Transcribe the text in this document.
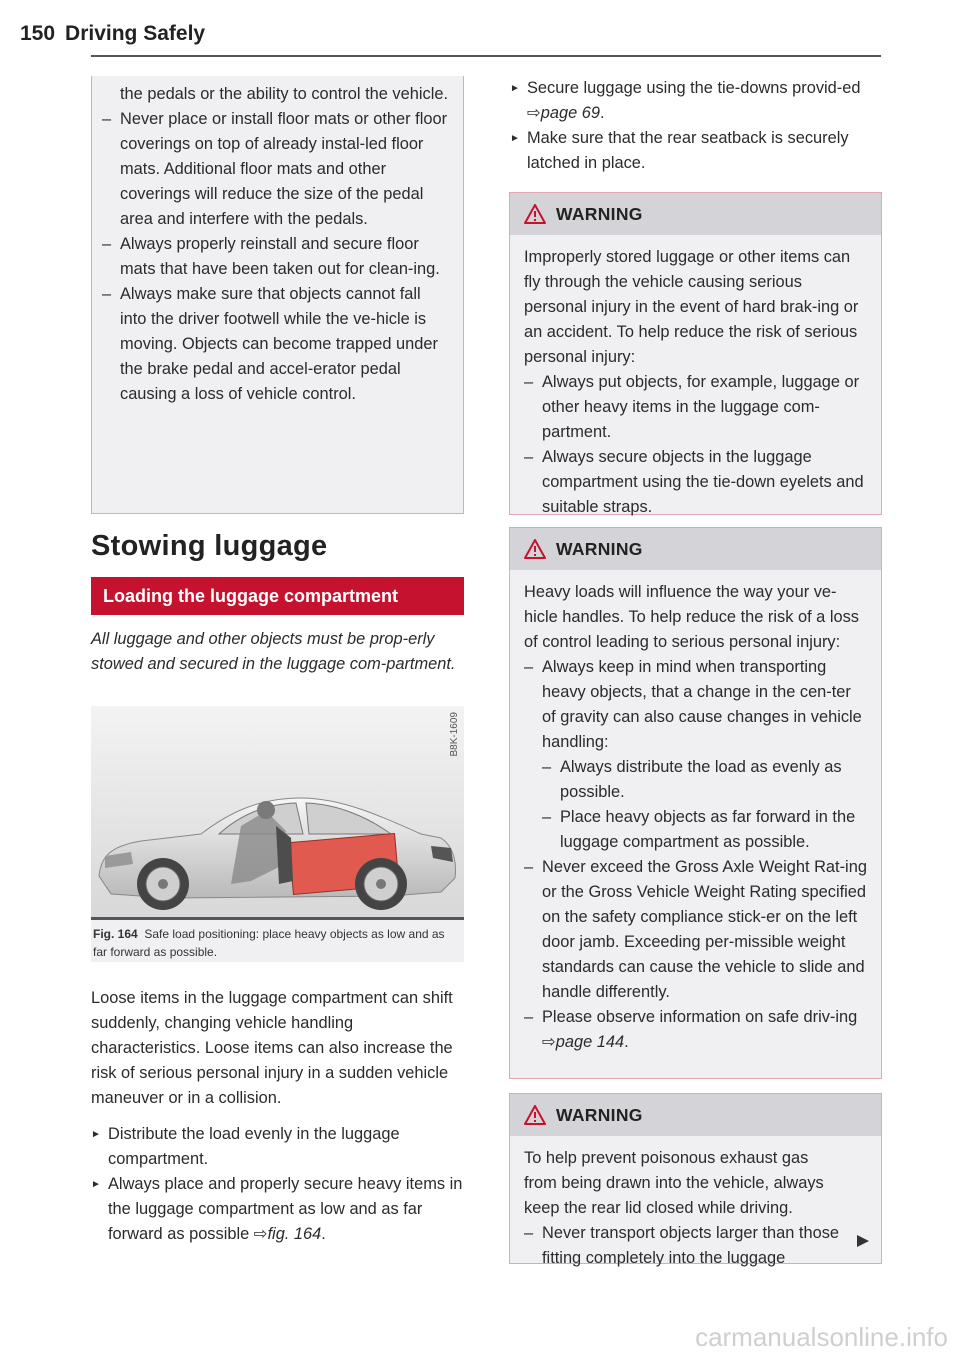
150 Driving Safely

the pedals or the ability to control the vehicle.

– Never place or install floor mats or other floor coverings on top of already instal-led floor mats. Additional floor mats and other coverings will reduce the size of the pedal area and interfere with the pedals.
– Always properly reinstall and secure floor mats that have been taken out for clean-ing.
– Always make sure that objects cannot fall into the driver footwell while the ve-hicle is moving. Objects can become trapped under the brake pedal and accel-erator pedal causing a loss of vehicle control.
Stowing luggage
Loading the luggage compartment
All luggage and other objects must be prop-erly stowed and secured in the luggage com-partment.
B8K-1609
Fig. 164 Safe load positioning: place heavy objects as low and as far forward as possible.
Loose items in the luggage compartment can shift suddenly, changing vehicle handling characteristics. Loose items can also increase the risk of serious personal injury in a sudden vehicle maneuver or in a collision.
► Distribute the load evenly in the luggage compartment.
► Always place and properly secure heavy items in the luggage compartment as low and as far forward as possible ⇨fig. 164.
► Secure luggage using the tie-downs provid-ed ⇨page 69.
► Make sure that the rear seatback is securely latched in place.
WARNING

Improperly stored luggage or other items can fly through the vehicle causing serious personal injury in the event of hard brak-ing or an accident. To help reduce the risk of serious personal injury:

– Always put objects, for example, luggage or other heavy items in the luggage com-partment.
– Always secure objects in the luggage compartment using the tie-down eyelets and suitable straps.
WARNING

Heavy loads will influence the way your ve-hicle handles. To help reduce the risk of a loss of control leading to serious personal injury:

– Always keep in mind when transporting heavy objects, that a change in the cen-ter of gravity can also cause changes in vehicle handling:
– Always distribute the load as evenly as possible.
– Place heavy objects as far forward in the luggage compartment as possible.
– Never exceed the Gross Axle Weight Rat-ing or the Gross Vehicle Weight Rating specified on the safety compliance stick-er on the left door jamb. Exceeding per-missible weight standards can cause the vehicle to slide and handle differently.
– Please observe information on safe driv-ing ⇨page 144.
WARNING

To help prevent poisonous exhaust gas from being drawn into the vehicle, always keep the rear lid closed while driving.

– Never transport objects larger than those fitting completely into the luggage
carmanualsonline.info
